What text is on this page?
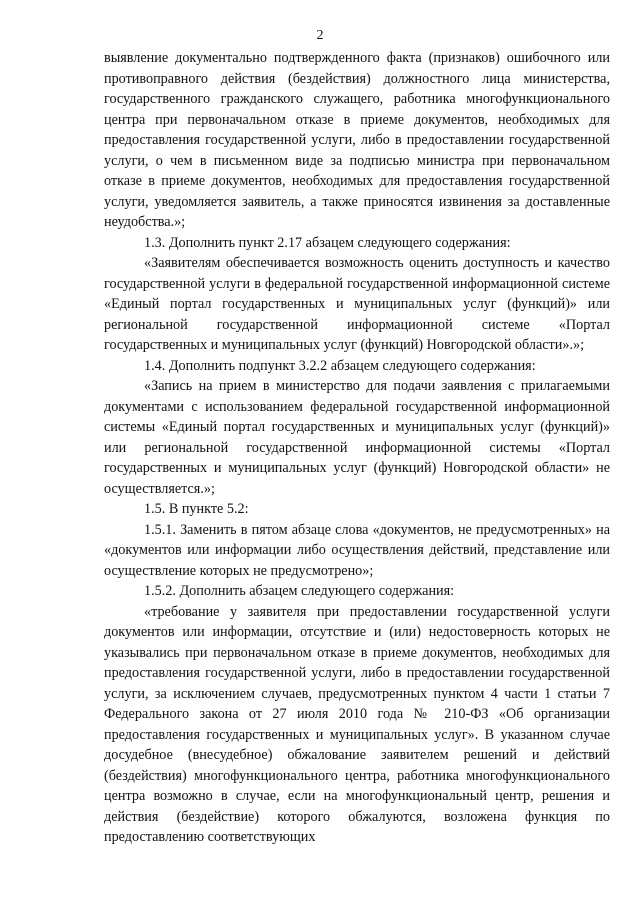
2

выявление документально подтвержденного факта (признаков) ошибочного или противоправного действия (бездействия) должностного лица министерства, государственного гражданского служащего, работника многофункционального центра при первоначальном отказе в приеме документов, необходимых для предоставления государственной услуги, либо в предоставлении государственной услуги, о чем в письменном виде за подписью министра при первоначальном отказе в приеме документов, необходимых для предоставления государственной услуги, уведомляется заявитель, а также приносятся извинения за доставленные неудобства.»;

1.3. Дополнить пункт 2.17 абзацем следующего содержания:

«Заявителям обеспечивается возможность оценить доступность и качество государственной услуги в федеральной государственной информационной системе «Единый портал государственных и муниципальных услуг (функций)» или региональной государственной информационной системе «Портал государственных и муниципальных услуг (функций) Новгородской области».»;

1.4. Дополнить подпункт 3.2.2 абзацем следующего содержания:

«Запись на прием в министерство для подачи заявления с прилагаемыми документами с использованием федеральной государственной информационной системы «Единый портал государственных и муниципальных услуг (функций)» или региональной государственной информационной системы «Портал государственных и муниципальных услуг (функций) Новгородской области» не осуществляется.»;

1.5. В пункте 5.2:

1.5.1. Заменить в пятом абзаце слова «документов, не предусмотренных» на «документов или информации либо осуществления действий, представление или осуществление которых не предусмотрено»;

1.5.2. Дополнить абзацем следующего содержания:

«требование у заявителя при предоставлении государственной услуги документов или информации, отсутствие и (или) недостоверность которых не указывались при первоначальном отказе в приеме документов, необходимых для предоставления государственной услуги, либо в предоставлении государственной услуги, за исключением случаев, предусмотренных пунктом 4 части 1 статьи 7 Федерального закона от 27 июля 2010 года № 210-ФЗ «Об организации предоставления государственных и муниципальных услуг». В указанном случае досудебное (внесудебное) обжалование заявителем решений и действий (бездействия) многофункционального центра, работника многофункционального центра возможно в случае, если на многофункциональный центр, решения и действия (бездействие) которого обжалуются, возложена функция по предоставлению соответствующих
